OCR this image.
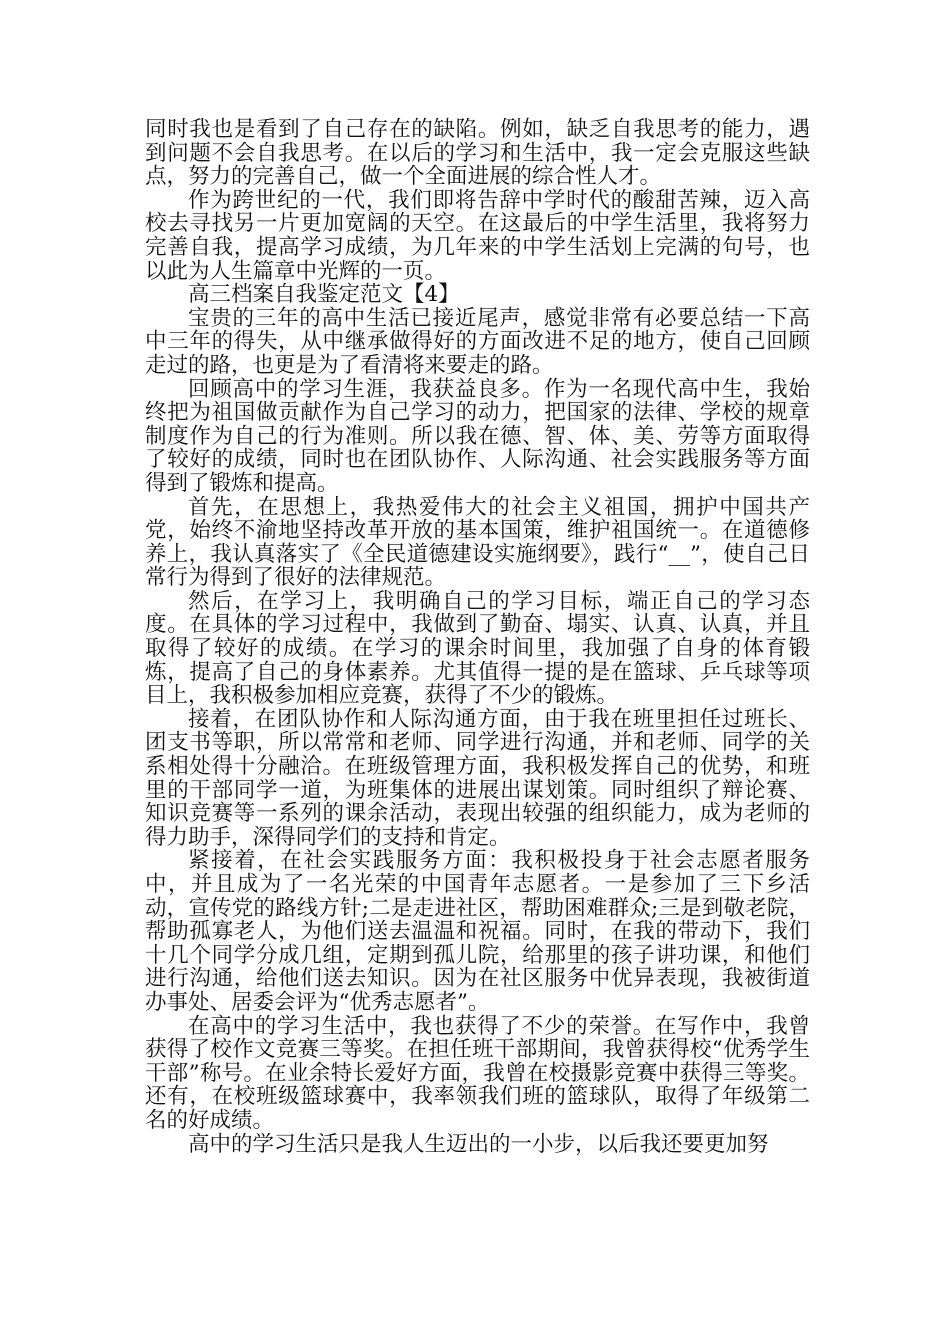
同时我也是看到了自己存在的缺陷。例如，缺乏自我思考的能力，遇到问题不会自我思考。在以后的学习和生活中，我一定会克服这些缺点，努力的完善自己，做一个全面进展的综合性人才。

作为跨世纪的一代，我们即将告辞中学时代的酸甜苦辣，迈入高校去寻找另一片更加宽阔的天空。在这最后的中学生活里，我将努力完善自我，提高学习成绩，为几年来的中学生活划上完满的句号，也以此为人生篇章中光辉的一页。

高三档案自我鉴定范文【4】

宝贵的三年的高中生活已接近尾声，感觉非常有必要总结一下高中三年的得失，从中继承做得好的方面改进不足的地方，使自己回顾走过的路，也更是为了看清将来要走的路。

回顾高中的学习生涯，我获益良多。作为一名现代高中生，我始终把为祖国做贡献作为自己学习的动力，把国家的法律、学校的规章制度作为自己的行为准则。所以我在德、智、体、美、劳等方面取得了较好的成绩，同时也在团队协作、人际沟通、社会实践服务等方面得到了锻炼和提高。

首先，在思想上，我热爱伟大的社会主义祖国，拥护中国共产党，始终不渝地坚持改革开放的基本国策，维护祖国统一。在道德修养上，我认真落实了《全民道德建设实施纲要》，践行“__”，使自己日常行为得到了很好的法律规范。

然后，在学习上，我明确自己的学习目标，端正自己的学习态度。在具体的学习过程中，我做到了勤奋、塌实、认真、认真，并且取得了较好的成绩。在学习的课余时间里，我加强了自身的体育锻炼，提高了自己的身体素养。尤其值得一提的是在篮球、乒乓球等项目上，我积极参加相应竞赛，获得了不少的锻炼。

接着，在团队协作和人际沟通方面，由于我在班里担任过班长、团支书等职，所以常常和老师、同学进行沟通，并和老师、同学的关系相处得十分融洽。在班级管理方面，我积极发挥自己的优势，和班里的干部同学一道，为班集体的进展出谋划策。同时组织了辩论赛、知识竞赛等一系列的课余活动，表现出较强的组织能力，成为老师的得力助手，深得同学们的支持和肯定。

紧接着，在社会实践服务方面：我积极投身于社会志愿者服务中，并且成为了一名光荣的中国青年志愿者。一是参加了三下乡活动，宣传党的路线方针;二是走进社区，帮助困难群众;三是到敬老院，帮助孤寡老人，为他们送去温温和祝福。同时，在我的带动下，我们十几个同学分成几组，定期到孤儿院，给那里的孩子讲功课，和他们进行沟通，给他们送去知识。因为在社区服务中优异表现，我被街道办事处、居委会评为“优秀志愿者”。

在高中的学习生活中，我也获得了不少的荣誉。在写作中，我曾获得了校作文竞赛三等奖。在担任班干部期间，我曾获得校“优秀学生干部”称号。在业余特长爱好方面，我曾在校摄影竞赛中获得三等奖。还有，在校班级篮球赛中，我率领我们班的篮球队，取得了年级第二名的好成绩。

高中的学习生活只是我人生迈出的一小步，以后我还要更加努
